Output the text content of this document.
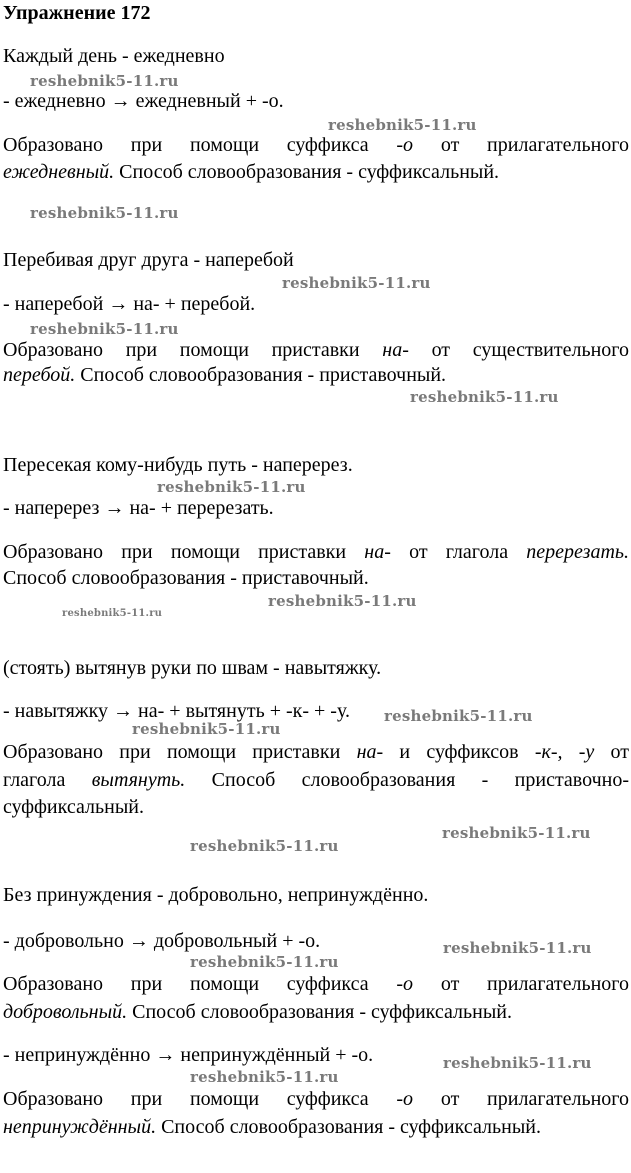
Упражнение 172
Каждый день - ежедневно
reshebnik5-11.ru
- ежедневно → ежедневный + -о.
reshebnik5-11.ru
Образовано при помощи суффикса -о от прилагательного
ежедневный. Способ словообразования - суффиксальный.
reshebnik5-11.ru
Перебивая друг друга - наперебой
reshebnik5-11.ru
- наперебой → на- + перебой.
reshebnik5-11.ru
Образовано при помощи приставки на- от существительного
перебой. Способ словообразования - приставочный.
reshebnik5-11.ru
Пересекая кому-нибудь путь - наперерез.
reshebnik5-11.ru
- наперерез → на- + перерезать.
Образовано при помощи приставки на- от глагола перерезать.
Способ словообразования - приставочный.
reshebnik5-11.ru
reshebnik5-11.ru
(стоять) вытянув руки по швам - навытяжку.
- навытяжку → на- + вытянуть + -к- + -у.	reshebnik5-11.ru
reshebnik5-11.ru
Образовано при помощи приставки на- и суффиксов -к-, -у от
глагола вытянуть. Способ словообразования - приставочно-
суффиксальный.
reshebnik5-11.ru
reshebnik5-11.ru
Без принуждения - добровольно, непринуждённо.
- добровольно → добровольный + -о.	reshebnik5-11.ru
reshebnik5-11.ru
Образовано при помощи суффикса -о от прилагательного
добровольный. Способ словообразования - суффиксальный.
- непринуждённо → непринуждённый + -о.	reshebnik5-11.ru
reshebnik5-11.ru
Образовано при помощи суффикса -о от прилагательного
непринуждённый. Способ словообразования - суффиксальный.
